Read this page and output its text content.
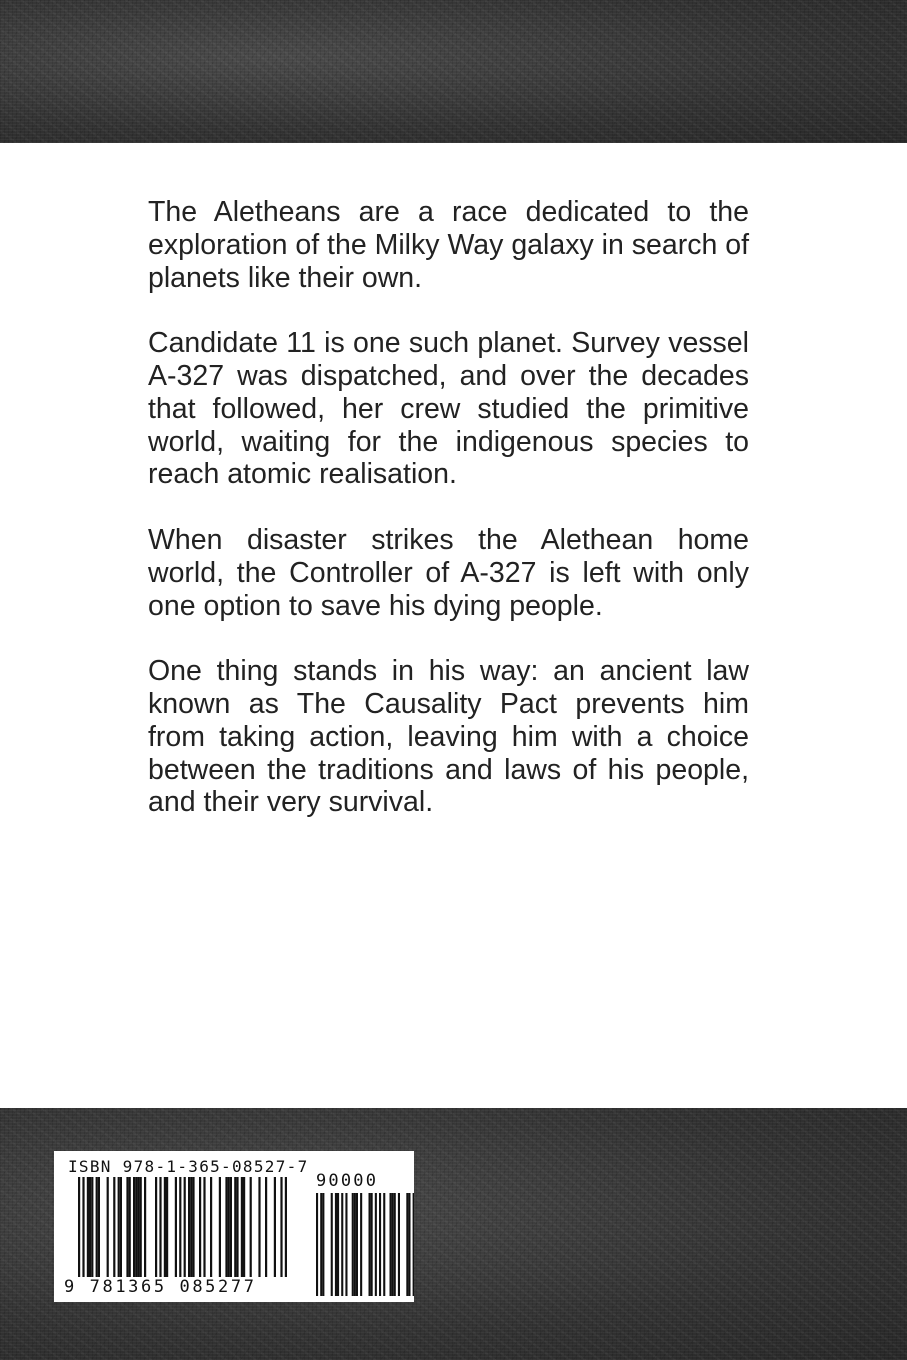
The Aletheans are a race dedicated to the exploration of the Milky Way galaxy in search of planets like their own.

Candidate 11 is one such planet. Survey vessel A-327 was dispatched, and over the decades that followed, her crew studied the primitive world, waiting for the indigenous species to reach atomic realisation.

When disaster strikes the Alethean home world, the Controller of A-327 is left with only one option to save his dying people.

One thing stands in his way: an ancient law known as The Causality Pact prevents him from taking action, leaving him with a choice between the traditions and laws of his people, and their very survival.

ISBN 978-1-365-08527-7
90000
9 781365 085277
